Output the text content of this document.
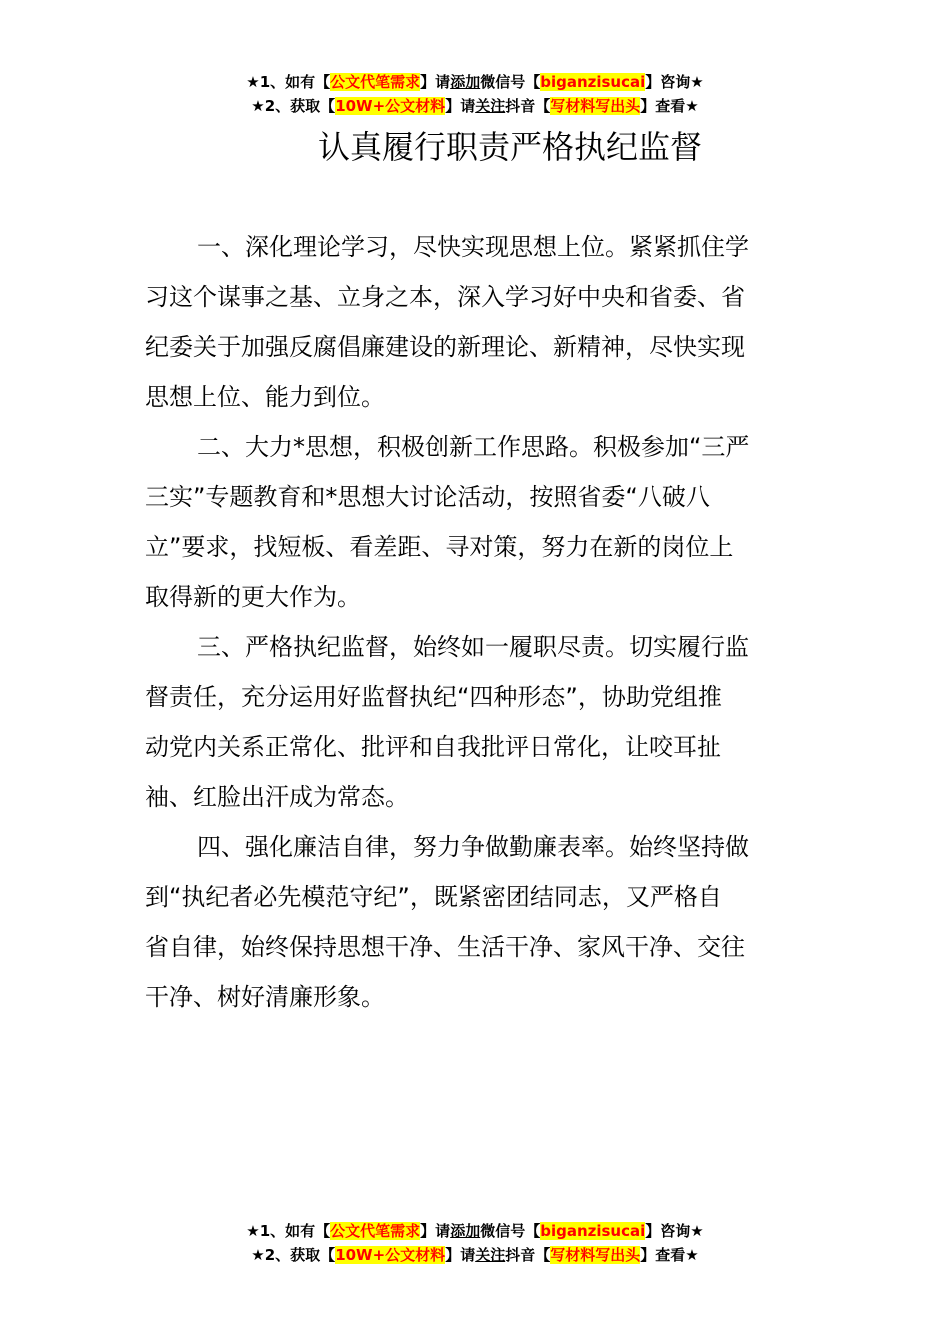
★1、如有【公文代笔需求】请添加微信号【biganzisucai】咨询★
★2、获取【10W+公文材料】请关注抖音【写材料写出头】查看★
认真履行职责严格执纪监督
一、深化理论学习，尽快实现思想上位。紧紧抓住学
习这个谋事之基、立身之本，深入学习好中央和省委、省
纪委关于加强反腐倡廉建设的新理论、新精神，尽快实现
思想上位、能力到位。
二、大力*思想，积极创新工作思路。积极参加“三严
三实”专题教育和*思想大讨论活动，按照省委“八破八
立”要求，找短板、看差距、寻对策，努力在新的岗位上
取得新的更大作为。
三、严格执纪监督，始终如一履职尽责。切实履行监
督责任，充分运用好监督执纪“四种形态”，协助党组推
动党内关系正常化、批评和自我批评日常化，让咬耳扯
袖、红脸出汗成为常态。
四、强化廉洁自律，努力争做勤廉表率。始终坚持做
到“执纪者必先模范守纪”，既紧密团结同志，又严格自
省自律，始终保持思想干净、生活干净、家风干净、交往
干净、树好清廉形象。
★1、如有【公文代笔需求】请添加微信号【biganzisucai】咨询★
★2、获取【10W+公文材料】请关注抖音【写材料写出头】查看★
